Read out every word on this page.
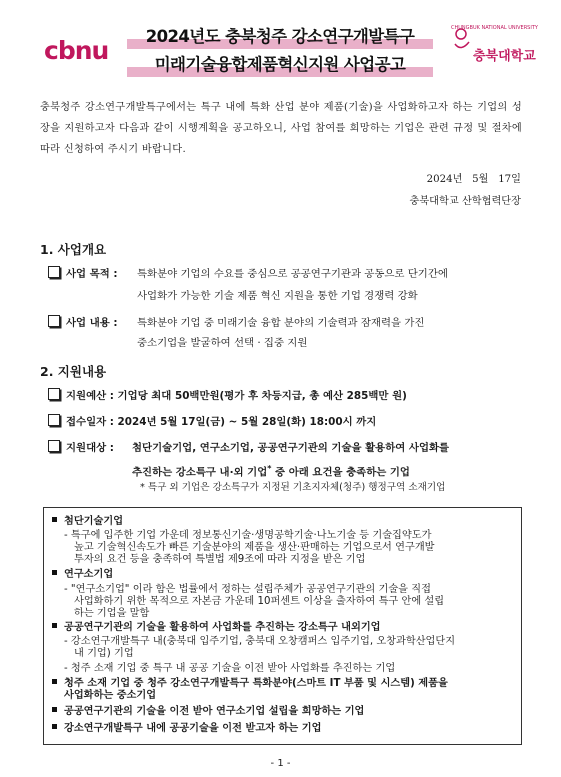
cbnu	2024년도 충북청주 강소연구개발특구
미래기술융합제품혁신지원 사업공고
CHUNGBUK NATIONAL UNIVERSITY
충북대학교
충북청주 강소연구개발특구에서는 특구 내에 특화 산업 분야 제품(기술)을 사업화하고자 하는 기업의 성장을 지원하고자 다음과 같이 시행계획을 공고하오니, 사업 참여를 희망하는 기업은 관련 규정 및 절차에 따라 신청하여 주시기 바랍니다.
2024년   5월   17일
충북대학교 산학협력단장
1. 사업개요
사업 목적 : 특화분야 기업의 수요를 중심으로 공공연구기관과 공동으로 단기간에
사업화가 가능한 기술 제품 혁신 지원을 통한 기업 경쟁력 강화
사업 내용 : 특화분야 기업 중 미래기술 융합 분야의 기술력과 잠재력을 가진
중소기업을 발굴하여 선택 · 집중 지원
2. 지원내용
지원예산 : 기업당 최대 50백만원(평가 후 차등지급, 총 예산 285백만 원)
접수일자 : 2024년 5월 17일(금) ~ 5월 28일(화) 18:00시 까지
지원대상 : 첨단기술기업, 연구소기업, 공공연구기관의 기술을 활용하여 사업화를
추진하는 강소특구 내·외 기업* 중 아래 요건을 충족하는 기업
* 특구 외 기업은 강소특구가 지정된 기초지자체(청주) 행정구역 소재기업
첨단기술기업
- 특구에 입주한 기업 가운데 정보통신기술·생명공학기술·나노기술 등 기술집약도가
높고 기술혁신속도가 빠른 기술분야의 제품을 생산·판매하는 기업으로서 연구개발
투자의 요건 등을 충족하여 특별법 제9조에 따라 지정을 받은 기업
연구소기업
- "연구소기업" 이라 함은 법률에서 정하는 설립주체가 공공연구기관의 기술을 직접
사업화하기 위한 목적으로 자본금 가운데 10퍼센트 이상을 출자하여 특구 안에 설립
하는 기업을 말함
공공연구기관의 기술을 활용하여 사업화를 추진하는 강소특구 내외기업
- 강소연구개발특구 내(충북대 입주기업, 충북대 오창캠퍼스 입주기업, 오창과학산업단지
내 기업) 기업
- 청주 소재 기업 중 특구 내 공공 기술을 이전 받아 사업화를 추진하는 기업
청주 소재 기업 중 청주 강소연구개발특구 특화분야(스마트 IT 부품 및 시스템) 제품을
사업화하는 중소기업
공공연구기관의 기술을 이전 받아 연구소기업 설립을 희망하는 기업
강소연구개발특구 내에 공공기술을 이전 받고자 하는 기업
- 1 -
